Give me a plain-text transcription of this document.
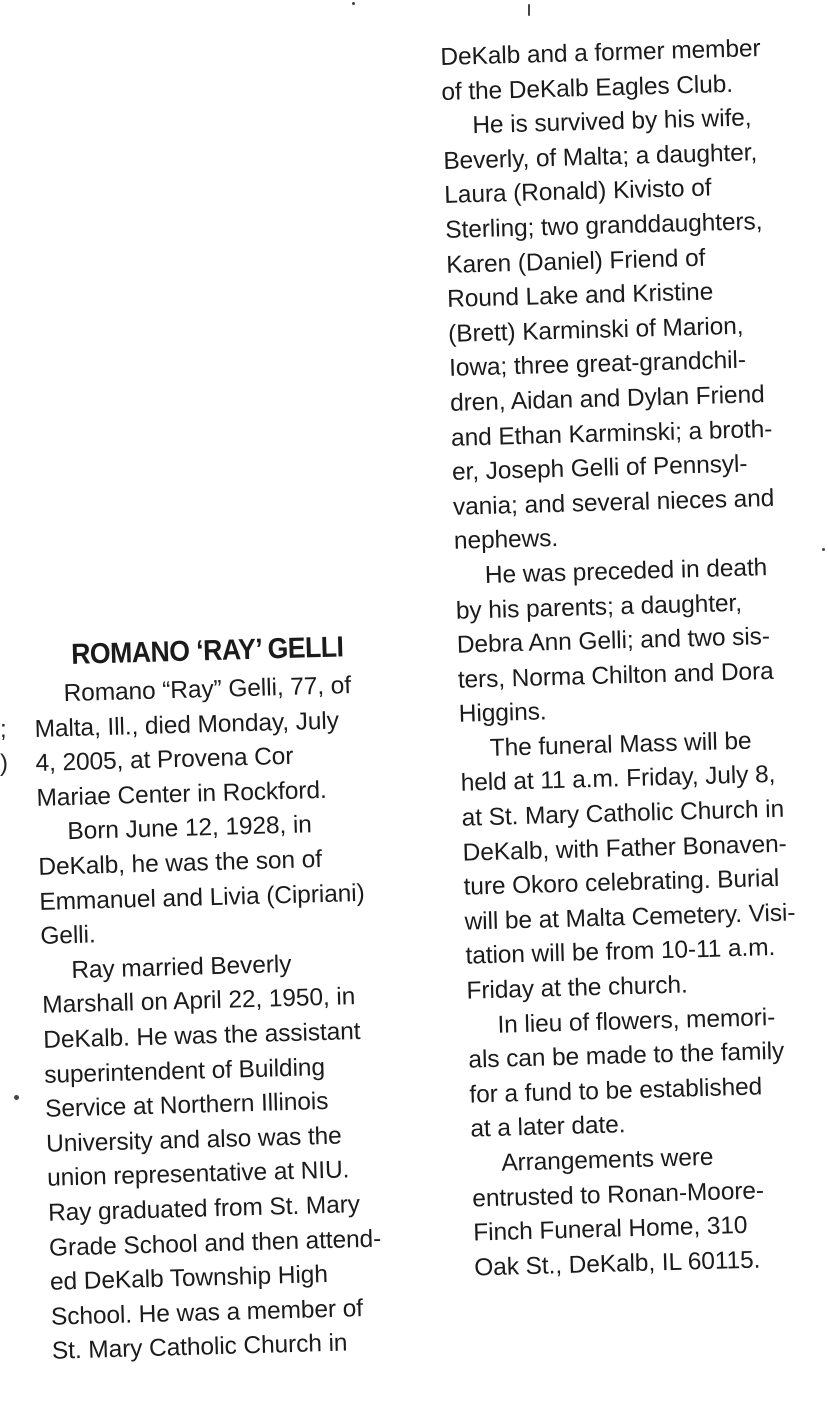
;
)
ROMANO ‘RAY’ GELLI
Romano “Ray” Gelli, 77, of
Malta, Ill., died Monday, July
4, 2005, at Provena Cor
Mariae Center in Rockford.
Born June 12, 1928, in
DeKalb, he was the son of
Emmanuel and Livia (Cipriani)
Gelli.
Ray married Beverly
Marshall on April 22, 1950, in
DeKalb. He was the assistant
superintendent of Building
Service at Northern Illinois
University and also was the
union representative at NIU.
Ray graduated from St. Mary
Grade School and then attend-
ed DeKalb Township High
School. He was a member of
St. Mary Catholic Church in
DeKalb and a former member
of the DeKalb Eagles Club.
He is survived by his wife,
Beverly, of Malta; a daughter,
Laura (Ronald) Kivisto of
Sterling; two granddaughters,
Karen (Daniel) Friend of
Round Lake and Kristine
(Brett) Karminski of Marion,
Iowa; three great-grandchil-
dren, Aidan and Dylan Friend
and Ethan Karminski; a broth-
er, Joseph Gelli of Pennsyl-
vania; and several nieces and
nephews.
He was preceded in death
by his parents; a daughter,
Debra Ann Gelli; and two sis-
ters, Norma Chilton and Dora
Higgins.
The funeral Mass will be
held at 11 a.m. Friday, July 8,
at St. Mary Catholic Church in
DeKalb, with Father Bonaven-
ture Okoro celebrating. Burial
will be at Malta Cemetery. Visi-
tation will be from 10-11 a.m.
Friday at the church.
In lieu of flowers, memori-
als can be made to the family
for a fund to be established
at a later date.
Arrangements were
entrusted to Ronan-Moore-
Finch Funeral Home, 310
Oak St., DeKalb, IL 60115.
